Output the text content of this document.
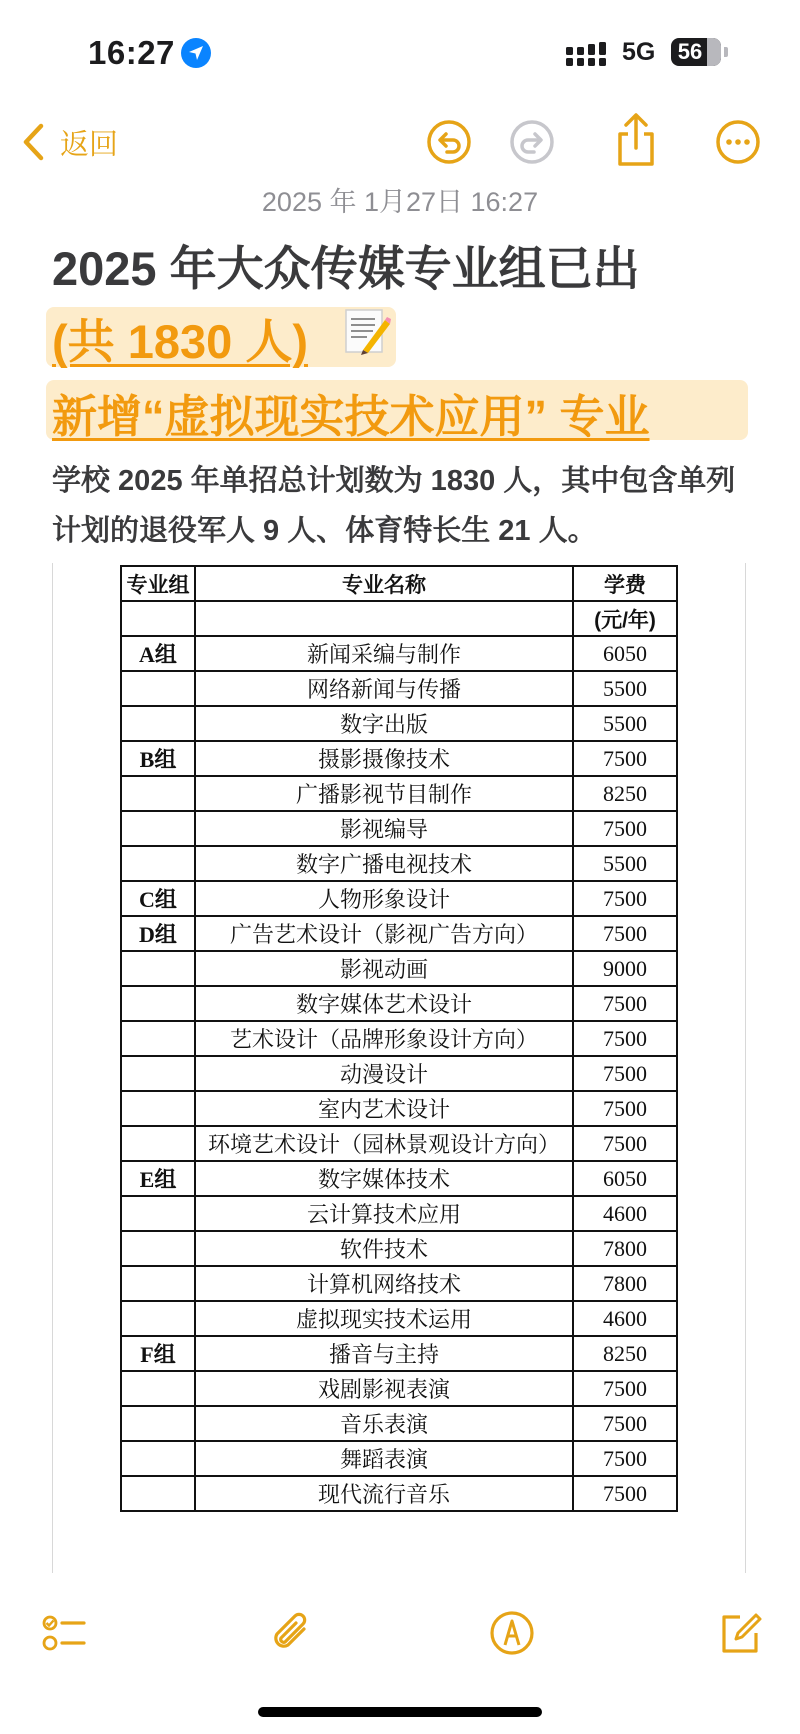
16:27	5G	56
返回
2025 年 1月27日 16:27
2025 年大众传媒专业组已出
(共 1830 人)
新增“虚拟现实技术应用” 专业
学校 2025 年单招总计划数为 1830 人，其中包含单列计划的退役军人 9 人、体育特长生 21 人。
专业组	专业名称	学费
		(元/年)
A组	新闻采编与制作	6050
	网络新闻与传播	5500
	数字出版	5500
B组	摄影摄像技术	7500
	广播影视节目制作	8250
	影视编导	7500
	数字广播电视技术	5500
C组	人物形象设计	7500
D组	广告艺术设计（影视广告方向）	7500
	影视动画	9000
	数字媒体艺术设计	7500
	艺术设计（品牌形象设计方向）	7500
	动漫设计	7500
	室内艺术设计	7500
	环境艺术设计（园林景观设计方向）	7500
E组	数字媒体技术	6050
	云计算技术应用	4600
	软件技术	7800
	计算机网络技术	7800
	虚拟现实技术运用	4600
F组	播音与主持	8250
	戏剧影视表演	7500
	音乐表演	7500
	舞蹈表演	7500
	现代流行音乐	7500
